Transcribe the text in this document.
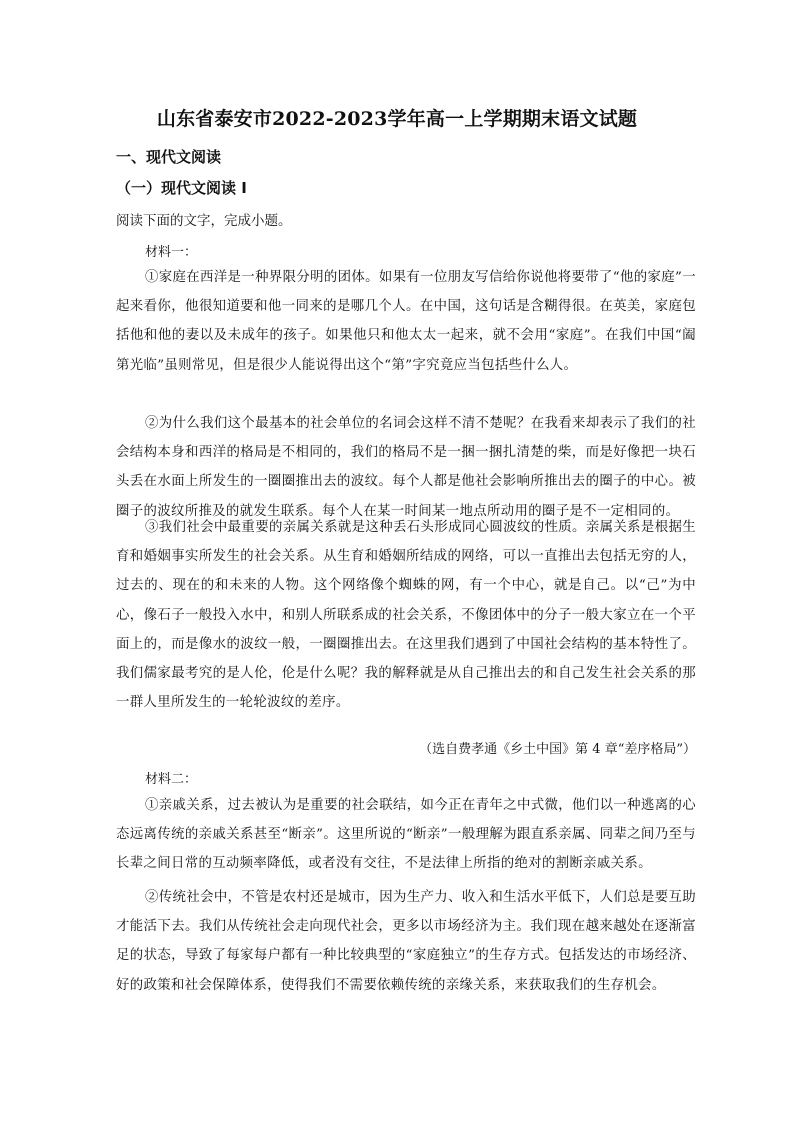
山东省泰安市2022-2023学年高一上学期期末语文试题
一、现代文阅读
（一）现代文阅读 I

阅读下面的文字，完成小题。

材料一：

①家庭在西洋是一种界限分明的团体。如果有一位朋友写信给你说他将要带了“他的家庭”一起来看你，他很知道要和他一同来的是哪几个人。在中国，这句话是含糊得很。在英美，家庭包括他和他的妻以及未成年的孩子。如果他只和他太太一起来，就不会用“家庭”。在我们中国“阖第光临”虽则常见，但是很少人能说得出这个“第”字究竟应当包括些什么人。

②为什么我们这个最基本的社会单位的名词会这样不清不楚呢？在我看来却表示了我们的社会结构本身和西洋的格局是不相同的，我们的格局不是一捆一捆扎清楚的柴，而是好像把一块石头丢在水面上所发生的一圈圈推出去的波纹。每个人都是他社会影响所推出去的圈子的中心。被圈子的波纹所推及的就发生联系。每个人在某一时间某一地点所动用的圈子是不一定相同的。

③我们社会中最重要的亲属关系就是这种丢石头形成同心圆波纹的性质。亲属关系是根据生育和婚姻事实所发生的社会关系。从生育和婚姻所结成的网络，可以一直推出去包括无穷的人，过去的、现在的和未来的人物。这个网络像个蜘蛛的网，有一个中心，就是自己。以“己”为中心，像石子一般投入水中，和别人所联系成的社会关系，不像团体中的分子一般大家立在一个平面上的，而是像水的波纹一般，一圈圈推出去。在这里我们遇到了中国社会结构的基本特性了。我们儒家最考究的是人伦，伦是什么呢？我的解释就是从自己推出去的和自己发生社会关系的那一群人里所发生的一轮轮波纹的差序。

（选自费孝通《乡土中国》第 4 章“差序格局”）

材料二：

①亲戚关系，过去被认为是重要的社会联结，如今正在青年之中式微，他们以一种逃离的心态远离传统的亲戚关系甚至“断亲”。这里所说的“断亲”一般理解为跟直系亲属、同辈之间乃至与长辈之间日常的互动频率降低，或者没有交往，不是法律上所指的绝对的割断亲戚关系。

②传统社会中，不管是农村还是城市，因为生产力、收入和生活水平低下，人们总是要互助才能活下去。我们从传统社会走向现代社会，更多以市场经济为主。我们现在越来越处在逐渐富足的状态，导致了每家每户都有一种比较典型的“家庭独立”的生存方式。包括发达的市场经济、好的政策和社会保障体系，使得我们不需要依赖传统的亲缘关系，来获取我们的生存机会。
